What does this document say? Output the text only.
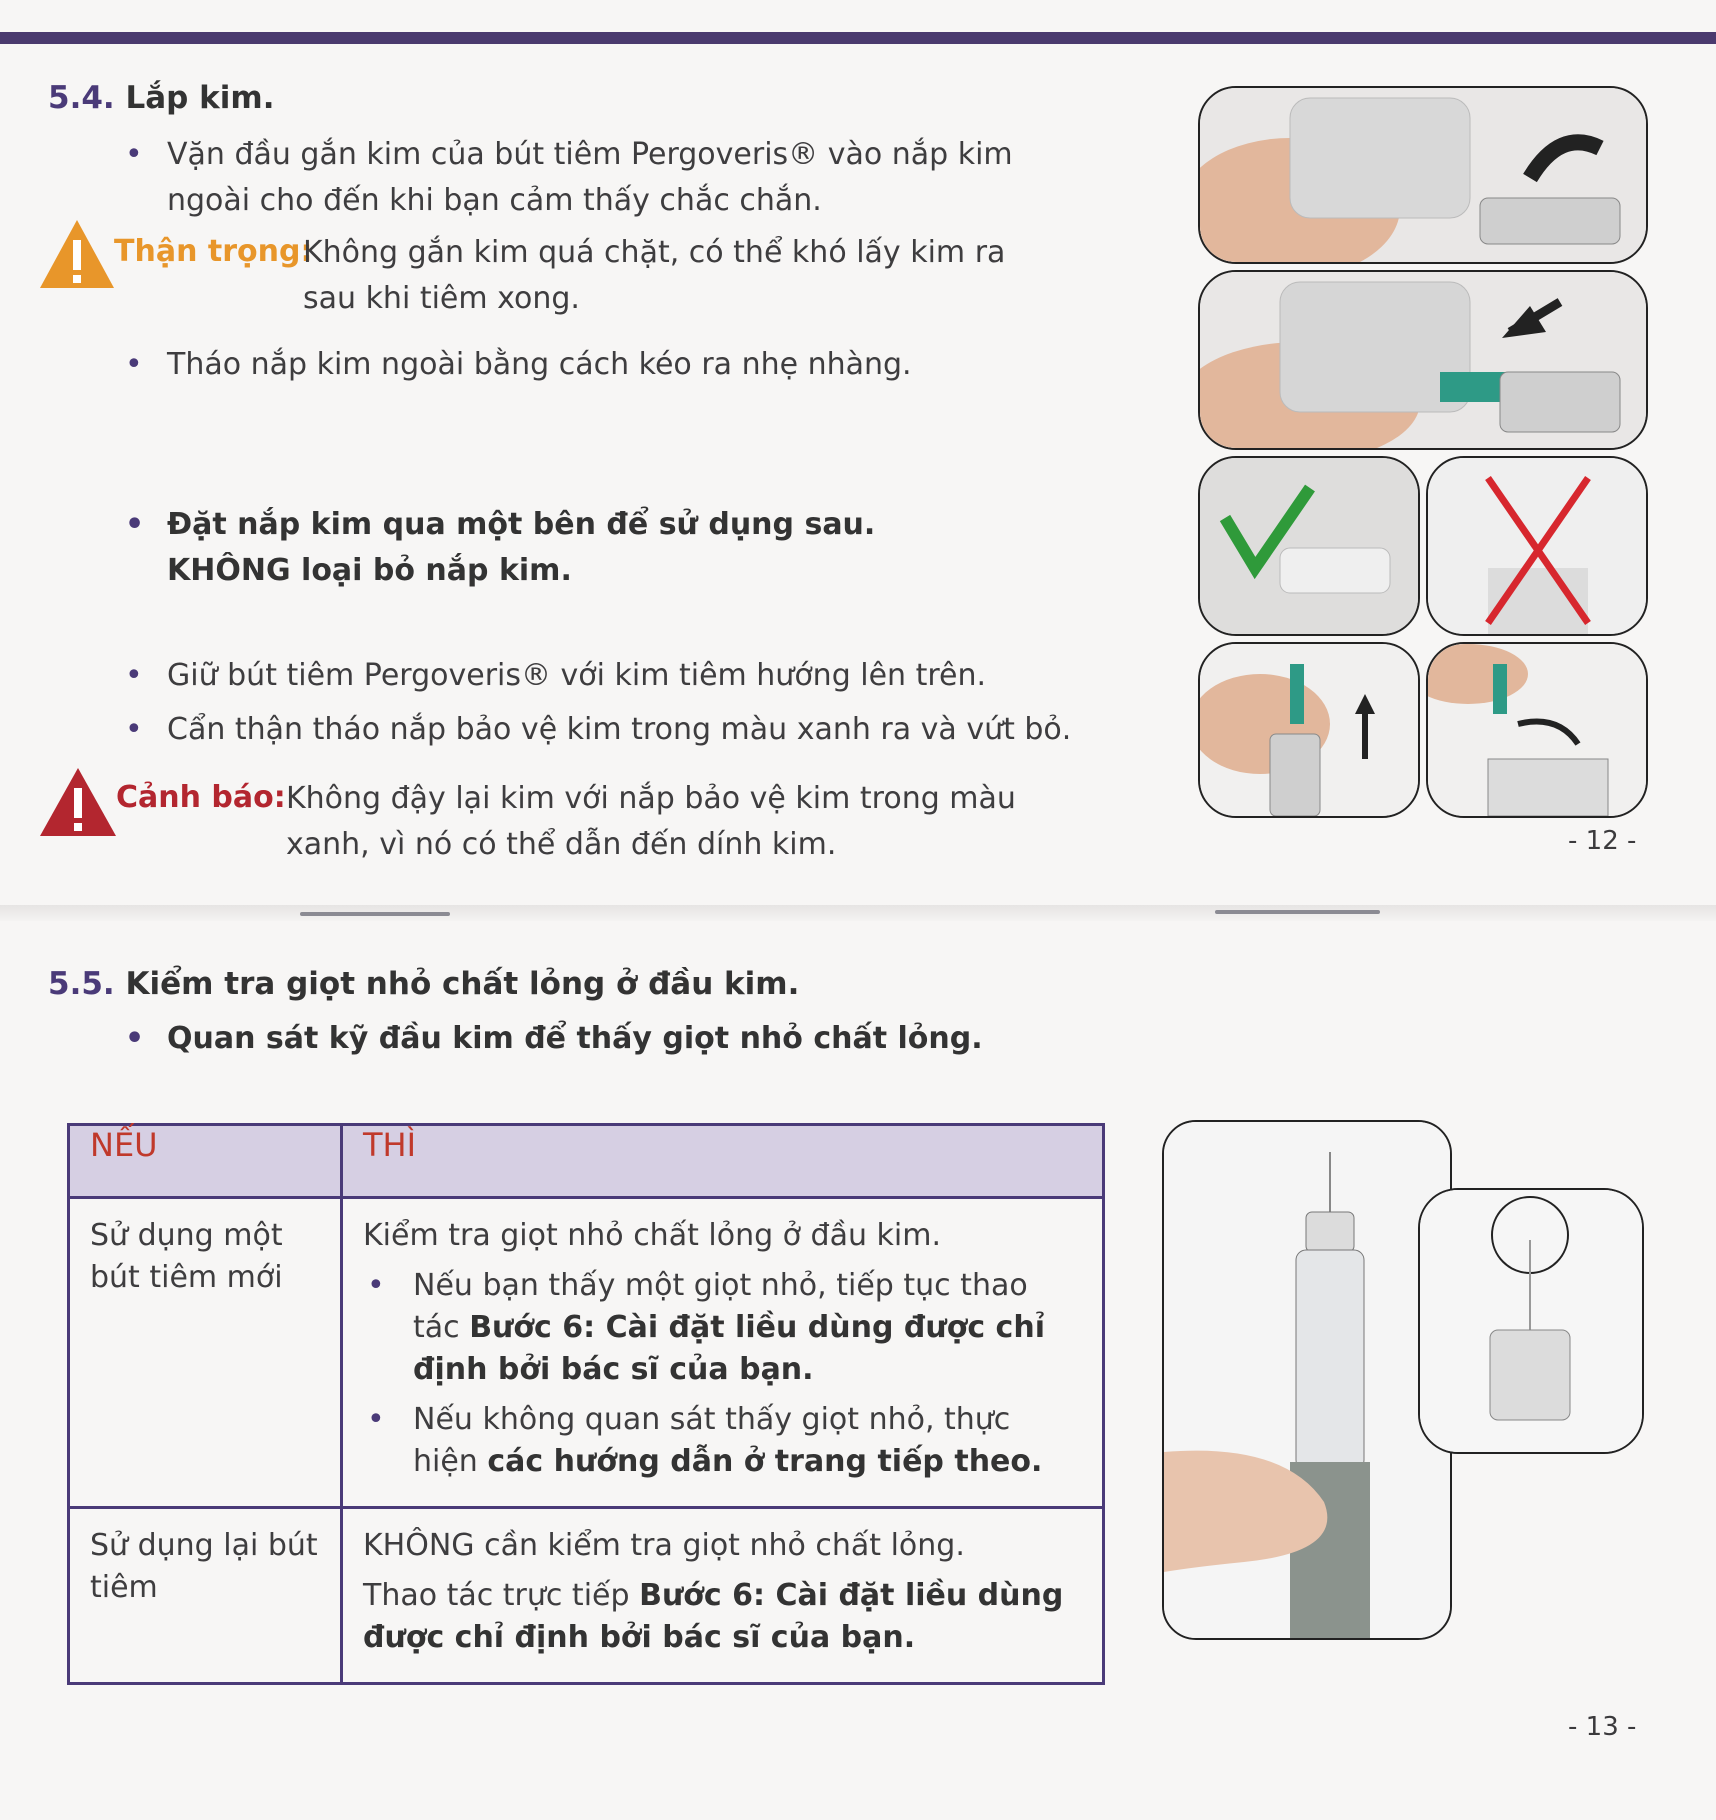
5.4. Lắp kim.
• Vặn đầu gắn kim của bút tiêm Pergoveris® vào nắp kim ngoài cho đến khi bạn cảm thấy chắc chắn.
Thận trọng:
Không gắn kim quá chặt, có thể khó lấy kim ra sau khi tiêm xong.
• Tháo nắp kim ngoài bằng cách kéo ra nhẹ nhàng.
• Đặt nắp kim qua một bên để sử dụng sau.
KHÔNG loại bỏ nắp kim.
• Giữ bút tiêm Pergoveris® với kim tiêm hướng lên trên.
• Cẩn thận tháo nắp bảo vệ kim trong màu xanh ra và vứt bỏ.
Cảnh báo: Không đậy lại kim với nắp bảo vệ kim trong màu xanh, vì nó có thể dẫn đến dính kim.	- 12 -
5.5. Kiểm tra giọt nhỏ chất lỏng ở đầu kim.
• Quan sát kỹ đầu kim để thấy giọt nhỏ chất lỏng.
NẾU	THÌ
Sử dụng một bút tiêm mới	Kiểm tra giọt nhỏ chất lỏng ở đầu kim.
• Nếu bạn thấy một giọt nhỏ, tiếp tục thao tác Bước 6: Cài đặt liều dùng được chỉ định bởi bác sĩ của bạn.
• Nếu không quan sát thấy giọt nhỏ, thực hiện các hướng dẫn ở trang tiếp theo.

Sử dụng lại bút tiêm	KHÔNG cần kiểm tra giọt nhỏ chất lỏng.
Thao tác trực tiếp Bước 6: Cài đặt liều dùng được chỉ định bởi bác sĩ của bạn.
- 13 -
